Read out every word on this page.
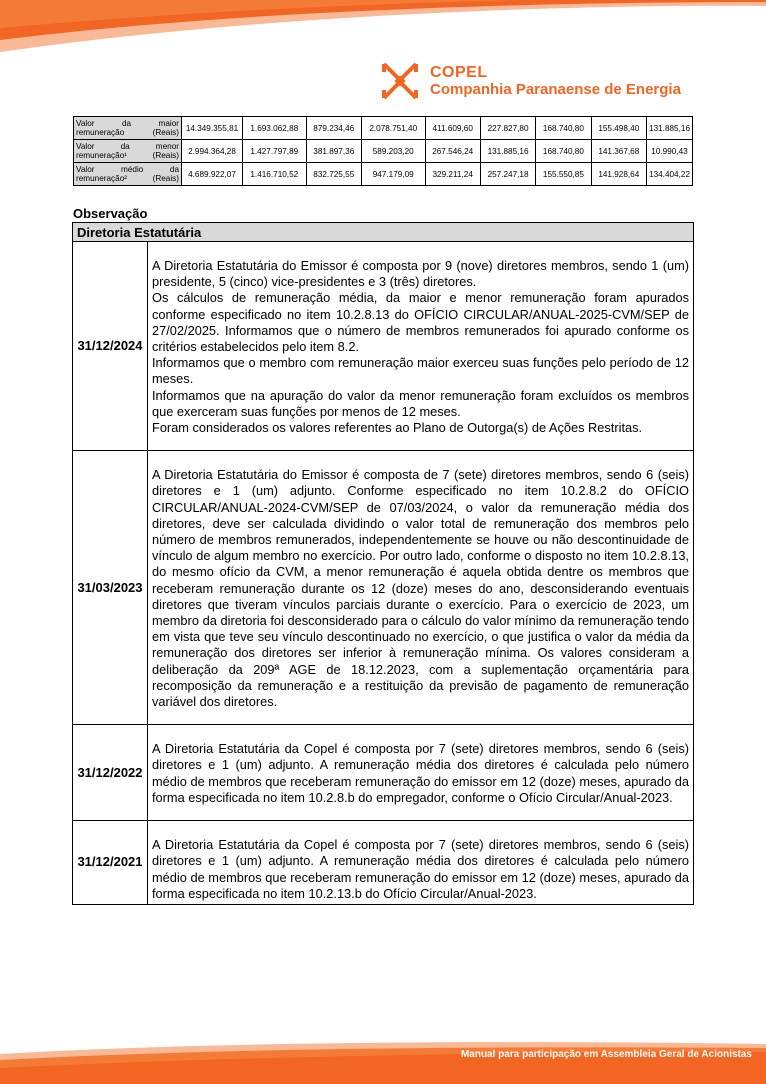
COPEL
Companhia Paranaense de Energia
Valor da maior remuneração (Reais)	14.349.355,81	1.693.062,88	879.234,46	2.078.751,40	411.609,60	227.827,80	168.740,80	155.498,40	131.885,16
Valor da menor remuneração¹ (Reais)	2.994.364,28	1.427.797,89	381.897,36	589.203,20	267.546,24	131.885,16	168.740,80	141.367,68	10.990,43
Valor médio da remuneração² (Reais)	4.689.922,07	1.416.710,52	832.725,55	947.179,09	329.211,24	257.247,18	155.550,85	141.928,64	134.404,22
Observação
Diretoria Estatutária	
31/12/2024	A Diretoria Estatutária do Emissor é composta por 9 (nove) diretores membros, sendo 1 (um) presidente, 5 (cinco) vice-presidentes e 3 (três) diretores.

Os cálculos de remuneração média, da maior e menor remuneração foram apurados conforme especificado no item 10.2.8.13 do OFÍCIO CIRCULAR/ANUAL-2025-CVM/SEP de 27/02/2025. Informamos que o número de membros remunerados foi apurado conforme os critérios estabelecidos pelo item 8.2.

Informamos que o membro com remuneração maior exerceu suas funções pelo período de 12 meses.

Informamos que na apuração do valor da menor remuneração foram excluídos os membros que exerceram suas funções por menos de 12 meses.

Foram considerados os valores referentes ao Plano de Outorga(s) de Ações Restritas.

31/03/2023	A Diretoria Estatutária do Emissor é composta de 7 (sete) diretores membros, sendo 6 (seis) diretores e 1 (um) adjunto. Conforme especificado no item 10.2.8.2 do OFÍCIO CIRCULAR/ANUAL-2024-CVM/SEP de 07/03/2024, o valor da remuneração média dos diretores, deve ser calculada dividindo o valor total de remuneração dos membros pelo número de membros remunerados, independentemente se houve ou não descontinuidade de vínculo de algum membro no exercício. Por outro lado, conforme o disposto no item 10.2.8.13, do mesmo ofício da CVM, a menor remuneração é aquela obtida dentre os membros que receberam remuneração durante os 12 (doze) meses do ano, desconsiderando eventuais diretores que tiveram vínculos parciais durante o exercício. Para o exercício de 2023, um membro da diretoria foi desconsiderado para o cálculo do valor mínimo da remuneração tendo em vista que teve seu vínculo descontinuado no exercício, o que justifica o valor da média da remuneração dos diretores ser inferior à remuneração mínima. Os valores consideram a deliberação da 209ª AGE de 18.12.2023, com a suplementação orçamentária para recomposição da remuneração e a restituição da previsão de pagamento de remuneração variável dos diretores.

31/12/2022	A Diretoria Estatutária da Copel é composta por 7 (sete) diretores membros, sendo 6 (seis) diretores e 1 (um) adjunto. A remuneração média dos diretores é calculada pelo número médio de membros que receberam remuneração do emissor em 12 (doze) meses, apurado da forma especificada no item 10.2.8.b do empregador, conforme o Ofício Circular/Anual-2023.

31/12/2021	A Diretoria Estatutária da Copel é composta por 7 (sete) diretores membros, sendo 6 (seis) diretores e 1 (um) adjunto. A remuneração média dos diretores é calculada pelo número médio de membros que receberam remuneração do emissor em 12 (doze) meses, apurado da forma especificada no item 10.2.13.b do Ofício Circular/Anual-2023.

Manual para participação em Assembleia Geral de Acionistas
